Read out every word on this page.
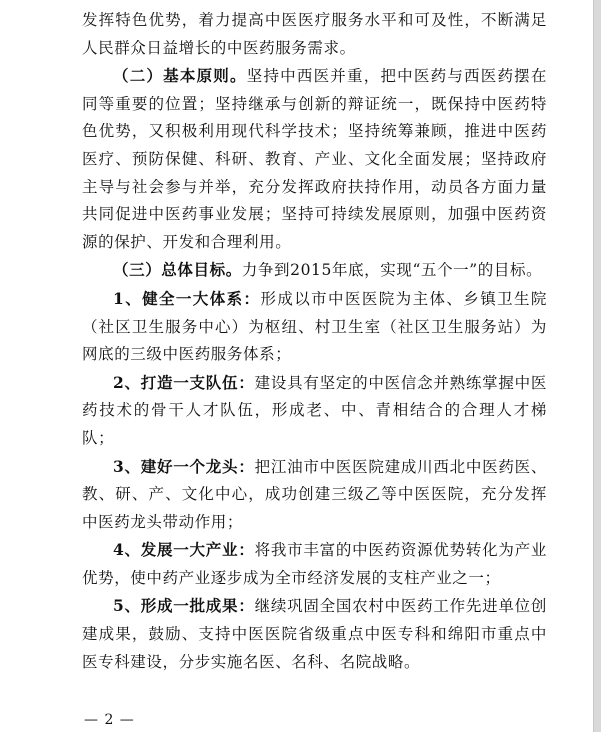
发挥特色优势，着力提高中医医疗服务水平和可及性，不断满足人民群众日益增长的中医药服务需求。

（二）基本原则。坚持中西医并重，把中医药与西医药摆在同等重要的位置；坚持继承与创新的辩证统一，既保持中医药特色优势，又积极利用现代科学技术；坚持统筹兼顾，推进中医药医疗、预防保健、科研、教育、产业、文化全面发展；坚持政府主导与社会参与并举，充分发挥政府扶持作用，动员各方面力量共同促进中医药事业发展；坚持可持续发展原则，加强中医药资源的保护、开发和合理利用。

（三）总体目标。力争到2015年底，实现“五个一”的目标。

1、健全一大体系：形成以市中医医院为主体、乡镇卫生院（社区卫生服务中心）为枢纽、村卫生室（社区卫生服务站）为网底的三级中医药服务体系；

2、打造一支队伍：建设具有坚定的中医信念并熟练掌握中医药技术的骨干人才队伍，形成老、中、青相结合的合理人才梯队；

3、建好一个龙头：把江油市中医医院建成川西北中医药医、教、研、产、文化中心，成功创建三级乙等中医医院，充分发挥中医药龙头带动作用；

4、发展一大产业：将我市丰富的中医药资源优势转化为产业优势，使中药产业逐步成为全市经济发展的支柱产业之一；

5、形成一批成果：继续巩固全国农村中医药工作先进单位创建成果，鼓励、支持中医医院省级重点中医专科和绵阳市重点中医专科建设，分步实施名医、名科、名院战略。

— 2 —
